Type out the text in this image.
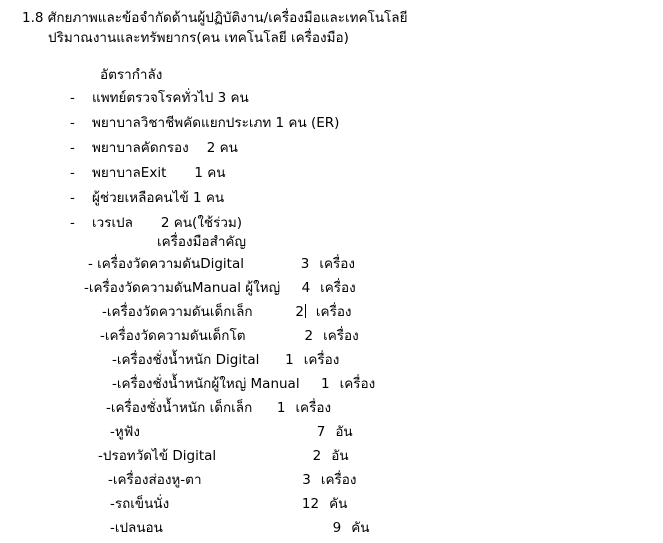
1.8 ศักยภาพและข้อจำกัดด้านผู้ปฏิบัติงาน/เครื่องมือและเทคโนโลยี
ปริมาณงานและทรัพยากร(คน เทคโนโลยี เครื่องมือ)
อัตรากำลัง
- แพทย์ตรวจโรคทั่วไป 3 คน
- พยาบาลวิชาชีพคัดแยกประเภท 1 คน (ER)
- พยาบาลคัดกรอง 2 คน
- พยาบาลExit 1 คน
- ผู้ช่วยเหลือคนไข้ 1 คน
- เวรเปล 2 คน(ใช้ร่วม)
เครื่องมือสำคัญ
- เครื่องวัดความดันDigital	3 เครื่อง
-เครื่องวัดความดันManual ผู้ใหญ่ 4 เครื่อง
-เครื่องวัดความดันเด็กเล็ก	2 เครื่อง
-เครื่องวัดความดันเด็กโต	2 เครื่อง
-เครื่องชั่งน้ำหนัก Digital 1 เครื่อง
-เครื่องชั่งน้ำหนักผู้ใหญ่ Manual 1 เครื่อง
-เครื่องชั่งน้ำหนัก เด็กเล็ก 1 เครื่อง
-หูฟัง	7 อัน
-ปรอทวัดไข้ Digital	2 อัน
-เครื่องส่องหู-ตา	3 เครื่อง
-รถเข็นนั่ง	12 คัน
-เปลนอน	9 คัน
